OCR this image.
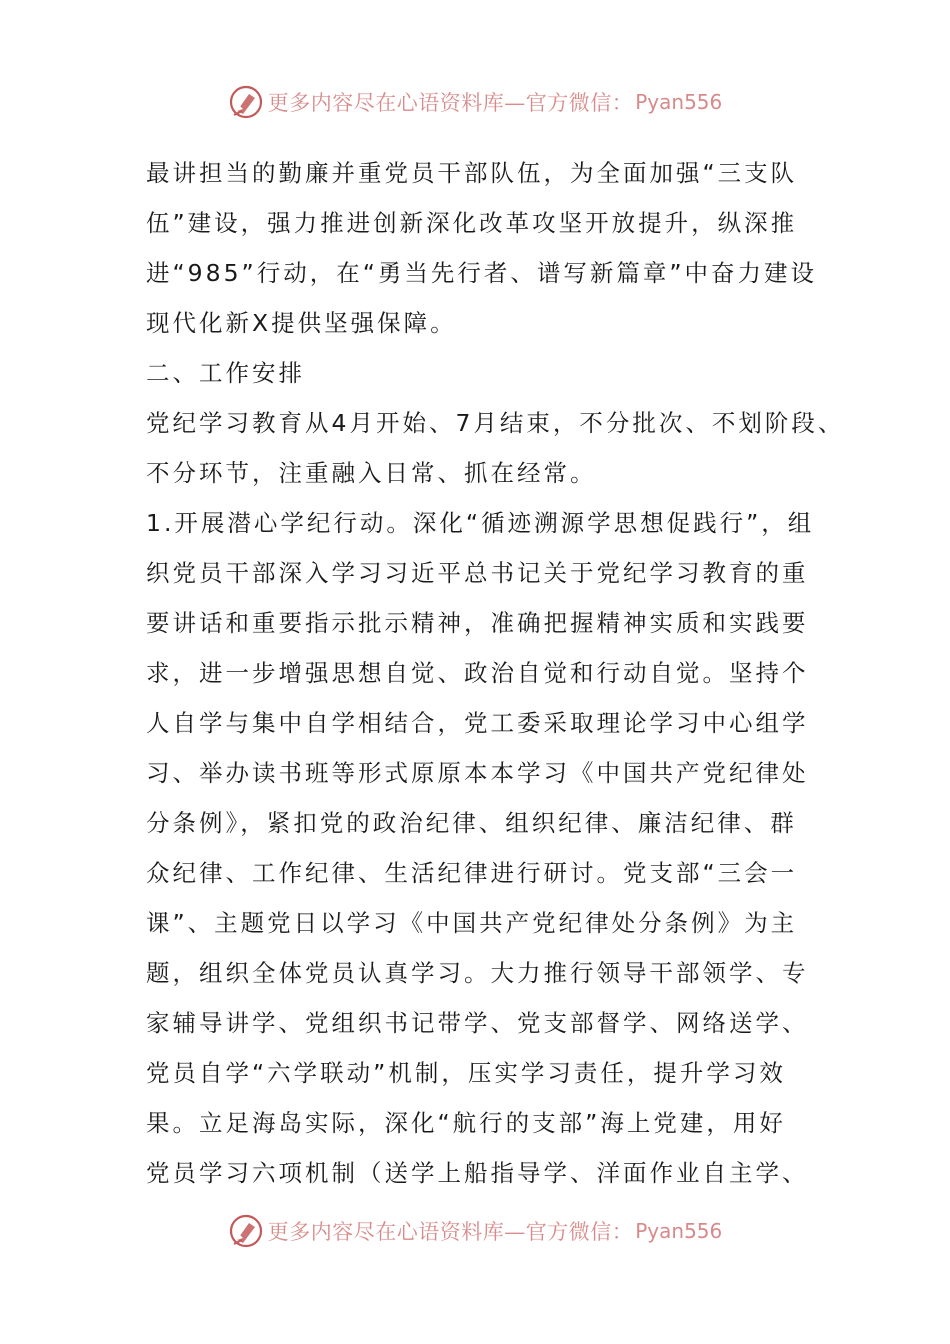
更多内容尽在心语资料库—官方微信： Pyan556
最讲担当的勤廉并重党员干部队伍，为全面加强“三支队
伍”建设，强力推进创新深化改革攻坚开放提升，纵深推
进“985”行动，在“勇当先行者、谱写新篇章”中奋力建设
现代化新X提供坚强保障。
二、工作安排
党纪学习教育从4月开始、7月结束，不分批次、不划阶段、
不分环节，注重融入日常、抓在经常。
1.开展潜心学纪行动。深化“循迹溯源学思想促践行”，组
织党员干部深入学习习近平总书记关于党纪学习教育的重
要讲话和重要指示批示精神，准确把握精神实质和实践要
求，进一步增强思想自觉、政治自觉和行动自觉。坚持个
人自学与集中自学相结合，党工委采取理论学习中心组学
习、举办读书班等形式原原本本学习《中国共产党纪律处
分条例》，紧扣党的政治纪律、组织纪律、廉洁纪律、群
众纪律、工作纪律、生活纪律进行研讨。党支部“三会一
课”、主题党日以学习《中国共产党纪律处分条例》为主
题，组织全体党员认真学习。大力推行领导干部领学、专
家辅导讲学、党组织书记带学、党支部督学、网络送学、
党员自学“六学联动”机制，压实学习责任，提升学习效
果。立足海岛实际，深化“航行的支部”海上党建，用好
党员学习六项机制（送学上船指导学、洋面作业自主学、
更多内容尽在心语资料库—官方微信： Pyan556
